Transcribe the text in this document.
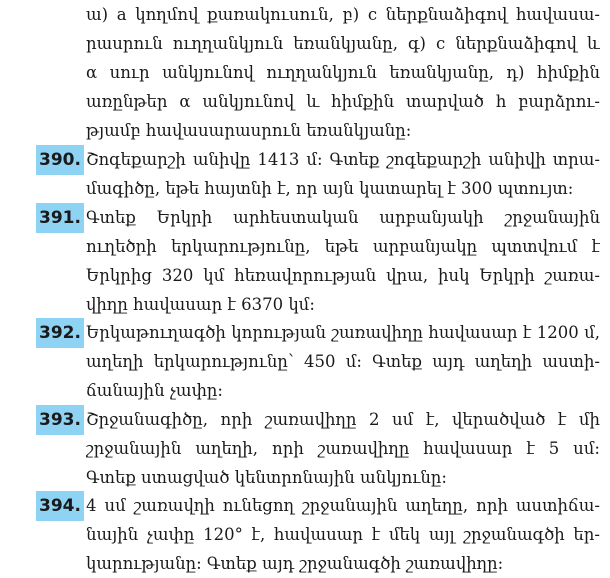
ա) a կողմով քառակուսուն, բ) c ներքնաձիգով հավասա-
րասրուն ուղղանկյուն եռանկյանը, գ) c ներքնաձիգով և
α սուր անկյունով ուղղանկյուն եռանկյանը, դ) հիմքին
առընթեր α անկյունով և հիմքին տարված h բարձրու-
թյամբ հավասարասրուն եռանկյանը:
390. Շոգեքարշի անիվը 1413 մ: Գտեք շոգեքարշի անիվի տրա-
մագիծը, եթե հայտնի է, որ այն կատարել է 300 պտույտ:
391. Գտեք Երկրի արհեստական արբանյակի շրջանային
ուղեծրի երկարությունը, եթե արբանյակը պտտվում է
Երկրից 320 կմ հեռավորության վրա, իսկ Երկրի շառա-
վիղը հավասար է 6370 կմ:
392. Երկաթուղագծի կորության շառավիղը հավասար է 1200 մ,
աղեղի երկարությունը՝ 450 մ: Գտեք այդ աղեղի աստի-
ճանային չափը:
393. Շրջանագիծը, որի շառավիղը 2 սմ է, վերածված է մի
շրջանային աղեղի, որի շառավիղը հավասար է 5 սմ:
Գտեք ստացված կենտրոնային անկյունը:
394. 4 սմ շառավղի ունեցող շրջանային աղեղը, որի աստիճա-
նային չափը 120° է, հավասար է մեկ այլ շրջանագծի եր-
կարությանը: Գտեք այդ շրջանագծի շառավիղը:
